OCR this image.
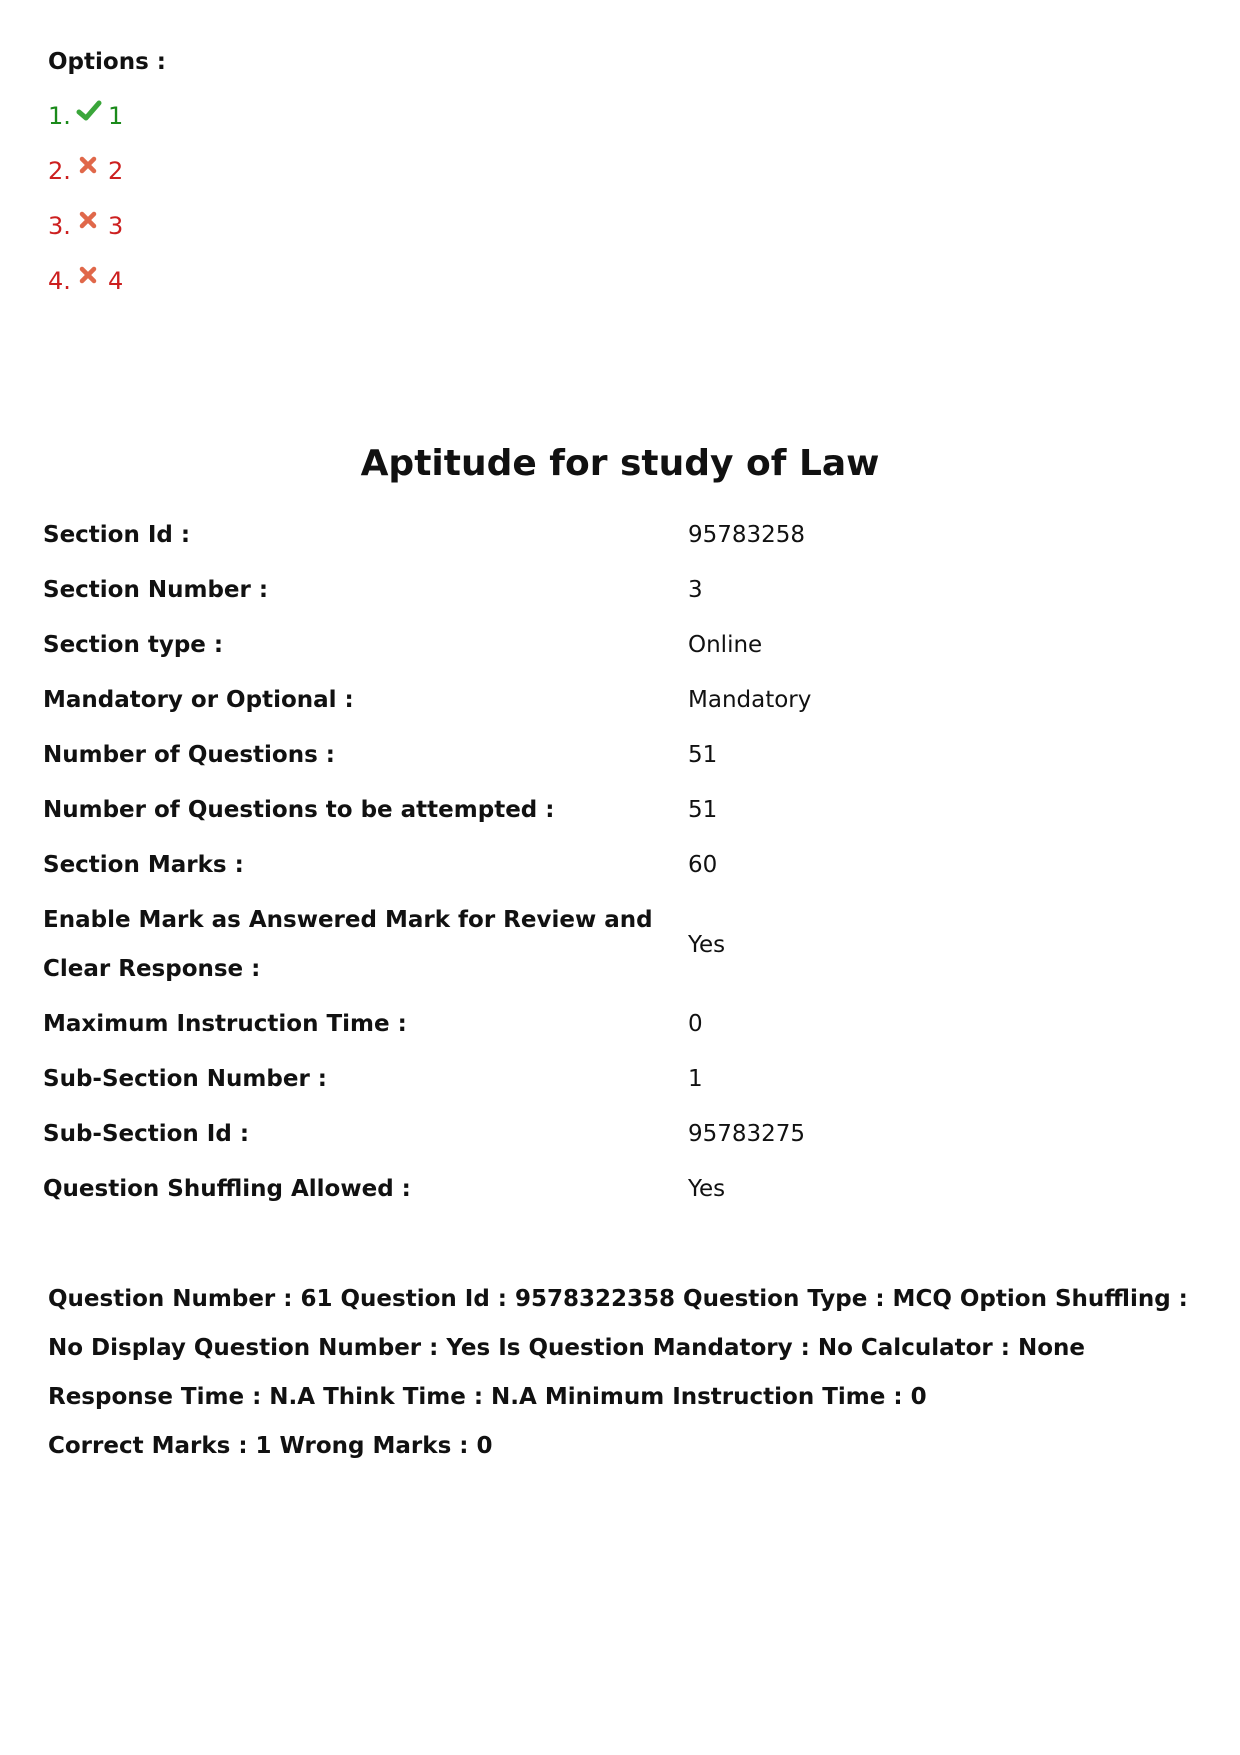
Options :
1. 1
2. 2
3. 3
4. 4
Aptitude for study of Law
Section Id :	95783258
Section Number :	3
Section type :	Online
Mandatory or Optional :	Mandatory
Number of Questions :	51
Number of Questions to be attempted :	51
Section Marks :	60
Enable Mark as Answered Mark for Review and Clear Response :	Yes
Maximum Instruction Time :	0
Sub-Section Number :	1
Sub-Section Id :	95783275
Question Shuffling Allowed :	Yes

Question Number : 61 Question Id : 9578322358 Question Type : MCQ Option Shuffling : No Display Question Number : Yes Is Question Mandatory : No Calculator : None Response Time : N.A Think Time : N.A Minimum Instruction Time : 0

Correct Marks : 1 Wrong Marks : 0
